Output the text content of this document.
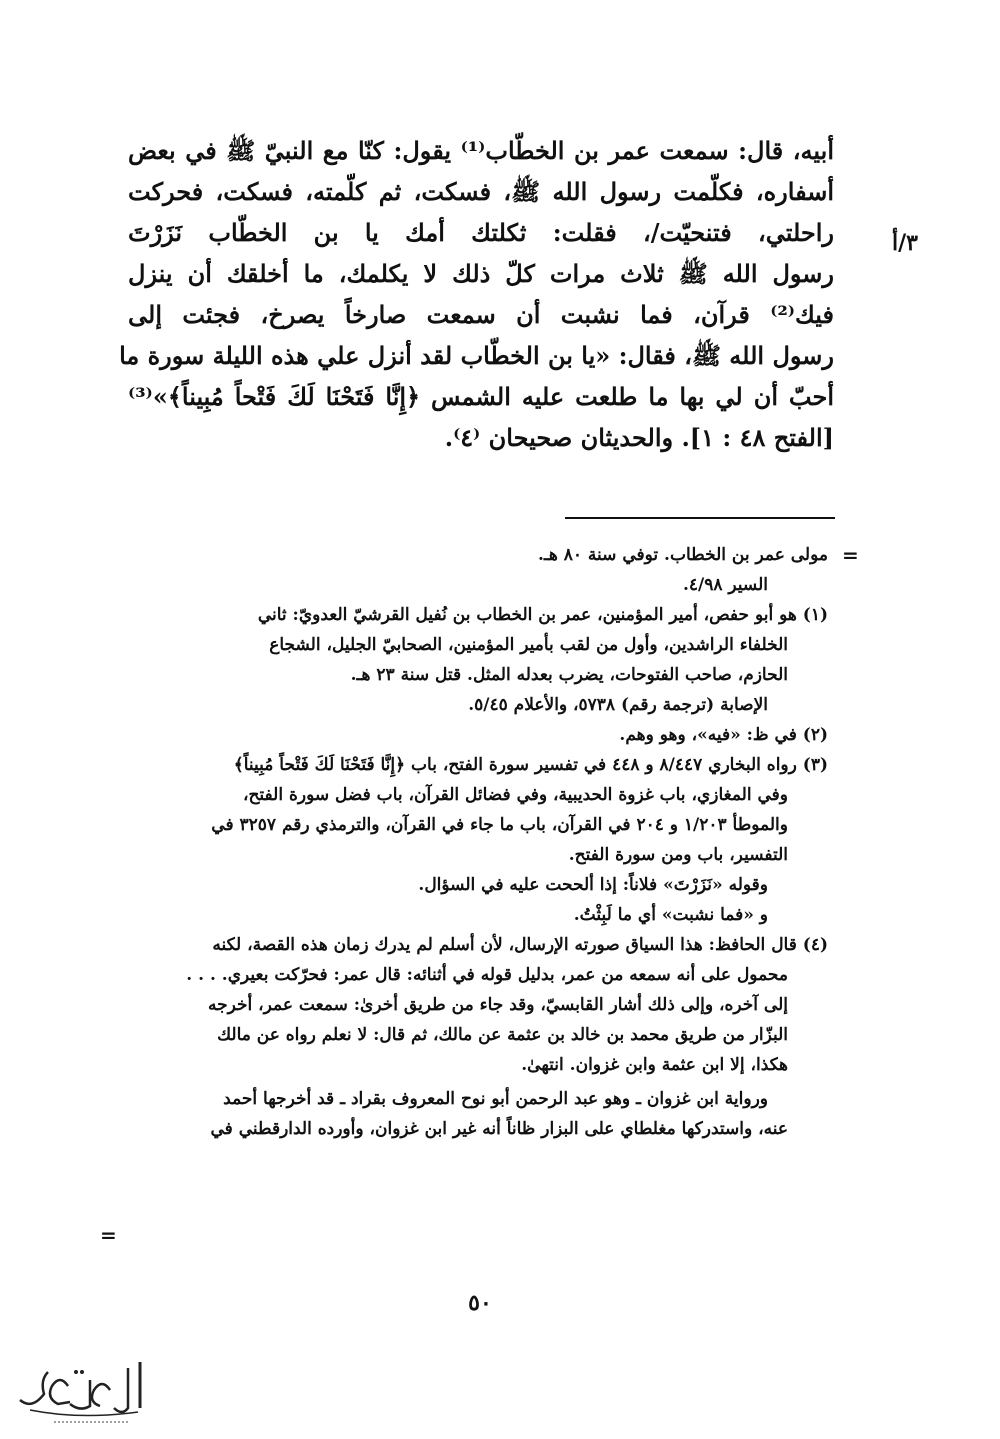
أبيه، قال: سمعت عمر بن الخطّاب⁽¹⁾ يقول: كنّا مع النبيّ ﷺ في بعض
أسفاره، فكلّمت رسول الله ﷺ، فسكت، ثم كلّمته، فسكت، فحركت
راحلتي، فتنحيّت/، فقلت: ثكلتك أمك يا بن الخطّاب نَزَرْتَ
رسول الله ﷺ ثلاث مرات كلّ ذلك لا يكلمك، ما أخلقك أن ينزل
فيك⁽²⁾ قرآن، فما نشبت أن سمعت صارخاً يصرخ، فجئت إلى
رسول الله ﷺ، فقال: «يا بن الخطّاب لقد أنزل علي هذه الليلة سورة ما
أحبّ أن لي بها ما طلعت عليه الشمس ﴿إِنَّا فَتَحْنَا لَكَ فَتْحاً مُبِيناً﴾»⁽³⁾
[الفتح ٤٨ : ١]. والحديثان صحيحان ⁽٤⁾.
٣/أ
=
مولى عمر بن الخطاب. توفي سنة ٨٠ هـ.
السير ٤/٩٨.
(١) هو أبو حفص، أمير المؤمنين، عمر بن الخطاب بن نُفيل القرشيّ العدويّ: ثاني
الخلفاء الراشدين، وأول من لقب بأمير المؤمنين، الصحابيّ الجليل، الشجاع
الحازم، صاحب الفتوحات، يضرب بعدله المثل. قتل سنة ٢٣ هـ.
الإصابة (ترجمة رقم) ٥٧٣٨، والأعلام ٥/٤٥.
(٢) في ظ: «فيه»، وهو وهم.
(٣) رواه البخاري ٨/٤٤٧ و ٤٤٨ في تفسير سورة الفتح، باب ﴿إِنَّا فَتَحْنَا لَكَ فَتْحاً مُبِيناً﴾
وفي المغازي، باب غزوة الحديبية، وفي فضائل القرآن، باب فضل سورة الفتح،
والموطأ ١/٢٠٣ و ٢٠٤ في القرآن، باب ما جاء في القرآن، والترمذي رقم ٣٢٥٧ في
التفسير، باب ومن سورة الفتح.
وقوله «نَزَرْتَ» فلاناً: إذا ألححت عليه في السؤال.
و «فما نشبت» أي ما لَبِثْتُ.
(٤) قال الحافظ: هذا السياق صورته الإرسال، لأن أسلم لم يدرك زمان هذه القصة، لكنه
محمول على أنه سمعه من عمر، بدليل قوله في أثنائه: قال عمر: فحرّكت بعيري. . . .
إلى آخره، وإلى ذلك أشار القابسيّ، وقد جاء من طريق أخرىٰ: سمعت عمر، أخرجه
البزّار من طريق محمد بن خالد بن عثمة عن مالك، ثم قال: لا نعلم رواه عن مالك
هكذا، إلا ابن عثمة وابن غزوان. انتهىٰ.
ورواية ابن غزوان ـ وهو عبد الرحمن أبو نوح المعروف بقراد ـ قد أخرجها أحمد
عنه، واستدركها مغلطاي على البزار ظاناً أنه غير ابن غزوان، وأورده الدارقطني في
=
٥٠
